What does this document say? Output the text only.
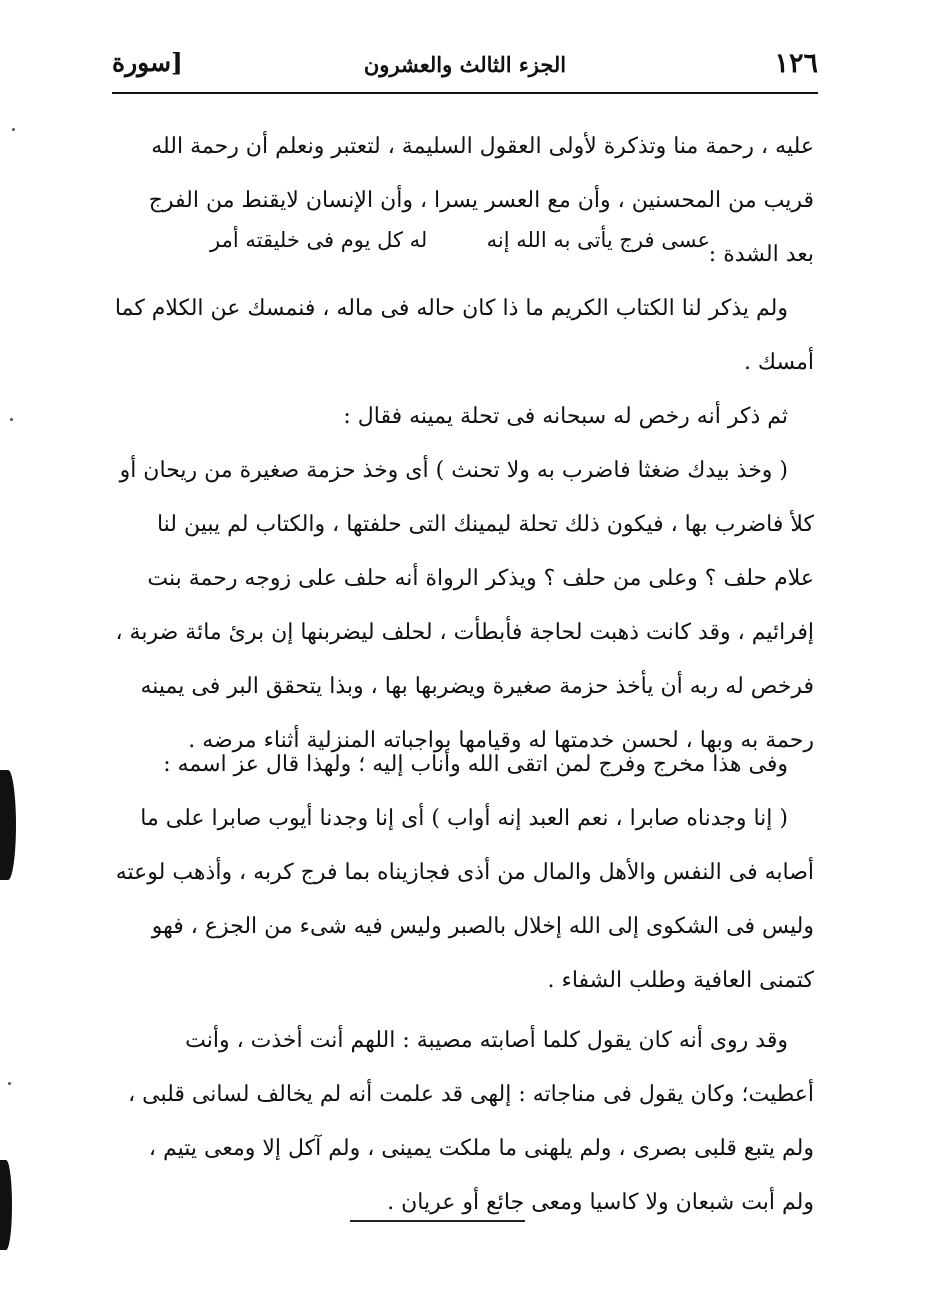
١٢٦
الجزء الثالث والعشرون
[سورة

عليه ، رحمة منا وتذكرة لأولى العقول السليمة ، لتعتبر ونعلم أن رحمة الله قريب من المحسنين ، وأن مع العسر يسرا ، وأن الإنسان لايقنط من الفرج بعد الشدة :

عسى فرج يأتى به الله إنه
له كل يوم فى خليقته أمر

ولم يذكر لنا الكتاب الكريم ما ذا كان حاله فى ماله ، فنمسك عن الكلام كما أمسك .

ثم ذكر أنه رخص له سبحانه فى تحلة يمينه فقال :

( وخذ بيدك ضغثا فاضرب به ولا تحنث ) أى وخذ حزمة صغيرة من ريحان أو كلأ فاضرب بها ، فيكون ذلك تحلة ليمينك التى حلفتها ، والكتاب لم يبين لنا علام حلف ؟ وعلى من حلف ؟ ويذكر الرواة أنه حلف على زوجه رحمة بنت إفرائيم ، وقد كانت ذهبت لحاجة فأبطأت ، لحلف ليضربنها إن برئ مائة ضربة ، فرخص له ربه أن يأخذ حزمة صغيرة ويضربها بها ، وبذا يتحقق البر فى يمينه رحمة به وبها ، لحسن خدمتها له وقيامها بواجباته المنزلية أثناء مرضه .

وفى هذا مخرج وفرج لمن اتقى الله وأناب إليه ؛ ولهذا قال عز اسمه :

( إنا وجدناه صابرا ، نعم العبد إنه أواب ) أى إنا وجدنا أيوب صابرا على ما أصابه فى النفس والأهل والمال من أذى فجازيناه بما فرج كربه ، وأذهب لوعته وليس فى الشكوى إلى الله إخلال بالصبر وليس فيه شىء من الجزع ، فهو كتمنى العافية وطلب الشفاء .

وقد روى أنه كان يقول كلما أصابته مصيبة : اللهم أنت أخذت ، وأنت أعطيت؛ وكان يقول فى مناجاته : إلهى قد علمت أنه لم يخالف لسانى قلبى ، ولم يتبع قلبى بصرى ، ولم يلهنى ما ملكت يمينى ، ولم آكل إلا ومعى يتيم ، ولم أبت شبعان ولا كاسيا ومعى جائع أو عريان .
